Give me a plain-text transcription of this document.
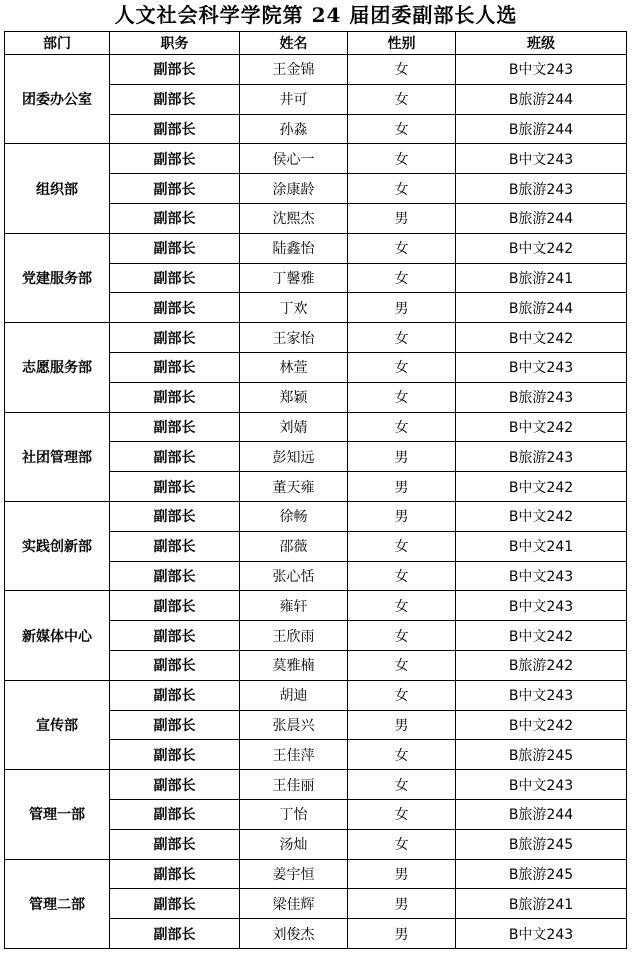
人文社会科学学院第 24 届团委副部长人选
部门	职务	姓名	性别	班级
团委办公室	副部长	王金锦	女	B中文243
	副部长	井可	女	B旅游244
	副部长	孙淼	女	B旅游244
组织部	副部长	侯心一	女	B中文243
	副部长	涂康龄	女	B旅游243
	副部长	沈熙杰	男	B旅游244
党建服务部	副部长	陆鑫怡	女	B中文242
	副部长	丁馨雅	女	B旅游241
	副部长	丁欢	男	B旅游244
志愿服务部	副部长	王家怡	女	B中文242
	副部长	林萱	女	B中文243
	副部长	郑颖	女	B旅游243
社团管理部	副部长	刘婧	女	B中文242
	副部长	彭知远	男	B旅游243
	副部长	董天雍	男	B中文242
实践创新部	副部长	徐畅	男	B中文242
	副部长	邵薇	女	B中文241
	副部长	张心恬	女	B中文243
新媒体中心	副部长	雍轩	女	B中文243
	副部长	王欣雨	女	B中文242
	副部长	莫雅楠	女	B旅游242
宣传部	副部长	胡迪	女	B中文243
	副部长	张晨兴	男	B中文242
	副部长	王佳萍	女	B旅游245
管理一部	副部长	王佳丽	女	B中文243
	副部长	丁怡	女	B旅游244
	副部长	汤灿	女	B旅游245
管理二部	副部长	姜宇恒	男	B旅游245
	副部长	梁佳辉	男	B旅游241
	副部长	刘俊杰	男	B中文243
